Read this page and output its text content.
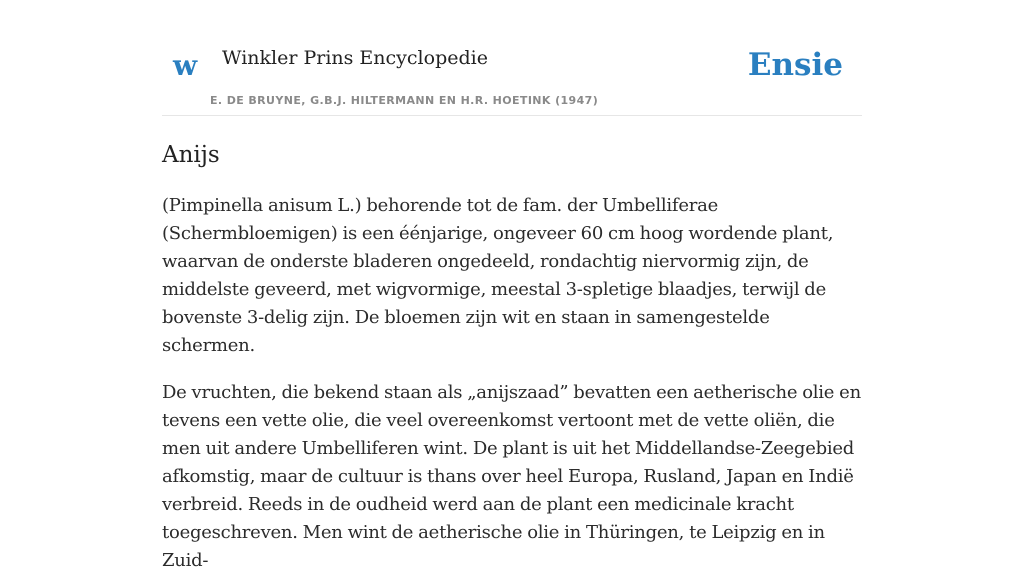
w Winkler Prins Encyclopedie
E. DE BRUYNE, G.B.J. HILTERMANN EN H.R. HOETINK (1947)
Ensie
Anijs

(Pimpinella anisum L.) behorende tot de fam. der Umbelliferae (Schermbloemigen) is een éénjarige, ongeveer 60 cm hoog wordende plant, waarvan de onderste bladeren ongedeeld, rondachtig niervormig zijn, de middelste geveerd, met wigvormige, meestal 3-spletige blaadjes, terwijl de bovenste 3-delig zijn. De bloemen zijn wit en staan in samengestelde schermen.

De vruchten, die bekend staan als „anijszaad” bevatten een aetherische olie en tevens een vette olie, die veel overeenkomst vertoont met de vette oliën, die men uit andere Umbelliferen wint. De plant is uit het Middellandse-Zeegebied afkomstig, maar de cultuur is thans over heel Europa, Rusland, Japan en Indië verbreid. Reeds in de oudheid werd aan de plant een medicinale kracht toegeschreven. Men wint de aetherische olie in Thüringen, te Leipzig en in Zuid-
